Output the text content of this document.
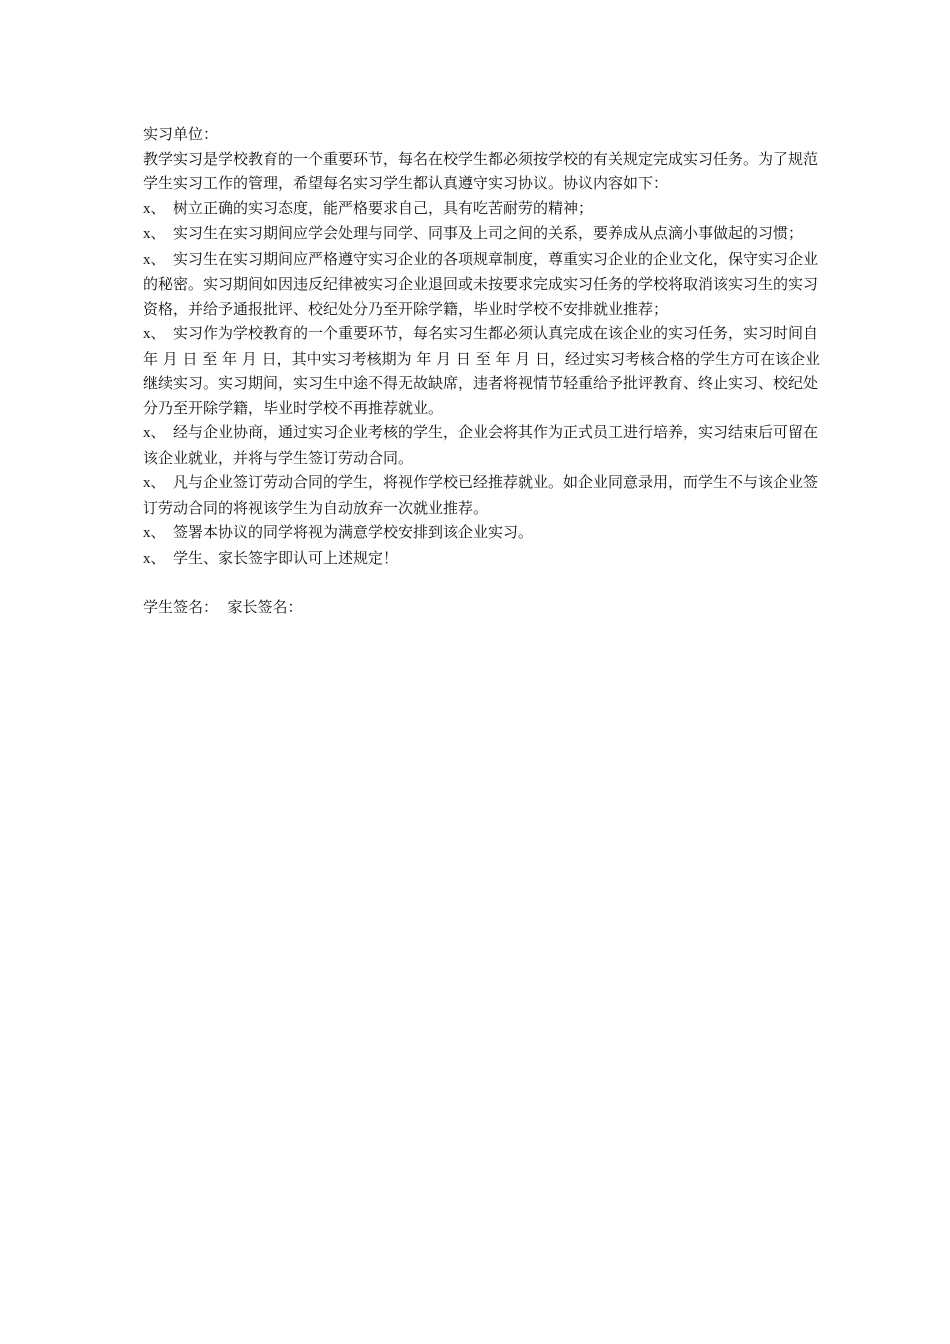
实习单位：

教学实习是学校教育的一个重要环节，每名在校学生都必须按学校的有关规定完成实习任务。为了规范学生实习工作的管理，希望每名实习学生都认真遵守实习协议。协议内容如下：

x、 树立正确的实习态度，能严格要求自己，具有吃苦耐劳的精神；

x、 实习生在实习期间应学会处理与同学、同事及上司之间的关系，要养成从点滴小事做起的习惯；

x、 实习生在实习期间应严格遵守实习企业的各项规章制度，尊重实习企业的企业文化，保守实习企业的秘密。实习期间如因违反纪律被实习企业退回或未按要求完成实习任务的学校将取消该实习生的实习资格，并给予通报批评、校纪处分乃至开除学籍，毕业时学校不安排就业推荐；

x、 实习作为学校教育的一个重要环节，每名实习生都必须认真完成在该企业的实习任务，实习时间自 年 月 日 至 年 月 日，其中实习考核期为 年 月 日 至 年 月 日，经过实习考核合格的学生方可在该企业继续实习。实习期间，实习生中途不得无故缺席，违者将视情节轻重给予批评教育、终止实习、校纪处分乃至开除学籍，毕业时学校不再推荐就业。

x、 经与企业协商，通过实习企业考核的学生，企业会将其作为正式员工进行培养，实习结束后可留在该企业就业，并将与学生签订劳动合同。

x、 凡与企业签订劳动合同的学生，将视作学校已经推荐就业。如企业同意录用，而学生不与该企业签订劳动合同的将视该学生为自动放弃一次就业推荐。

x、 签署本协议的同学将视为满意学校安排到该企业实习。

x、 学生、家长签字即认可上述规定！

学生签名：  家长签名：
